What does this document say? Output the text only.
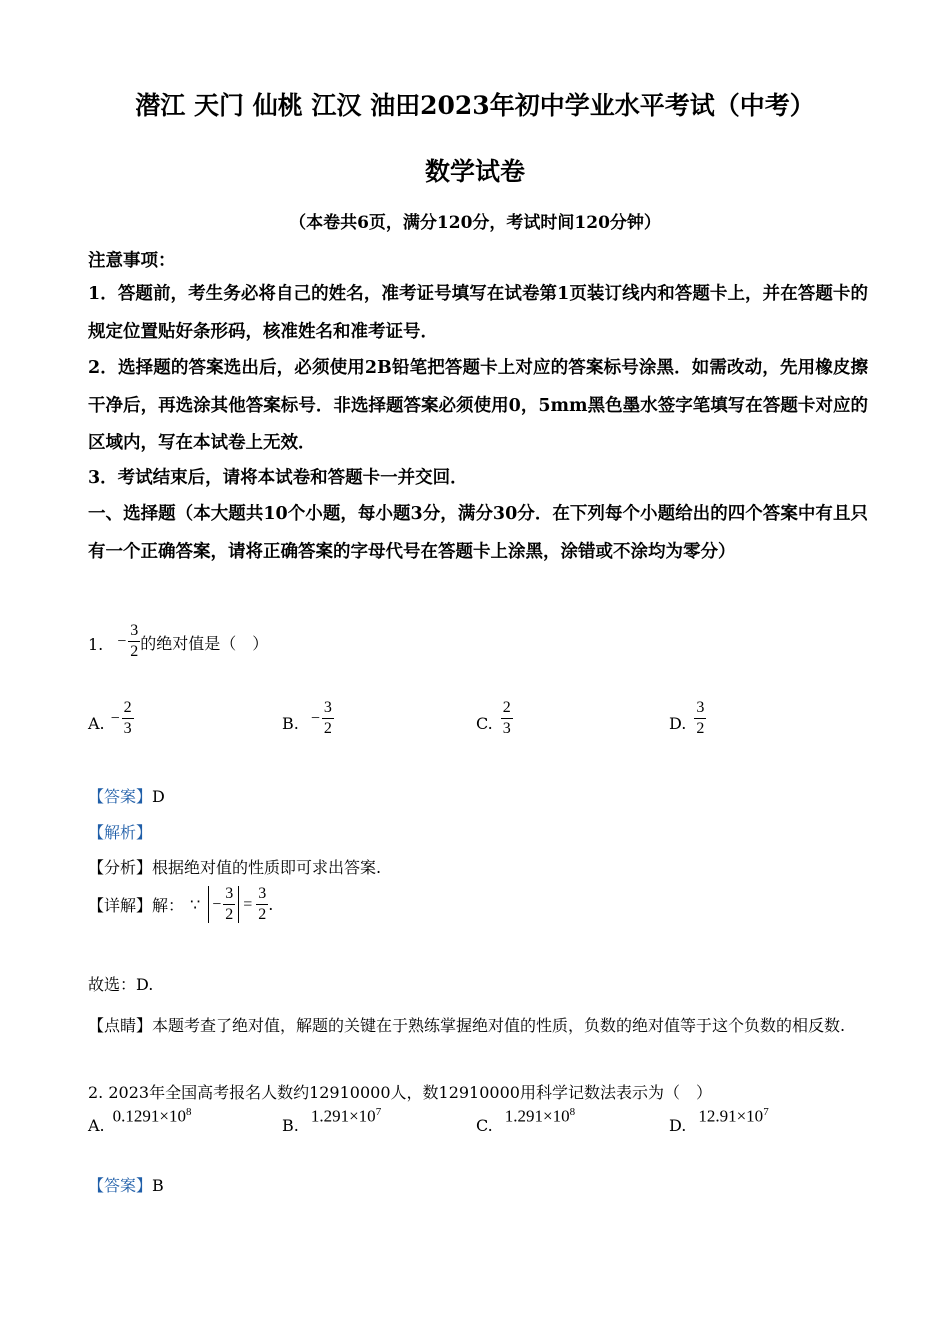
潜江 天门 仙桃 江汉 油田2023年初中学业水平考试（中考）
数学试卷
（本卷共6页，满分120分，考试时间120分钟）
注意事项：
1．答题前，考生务必将自己的姓名，准考证号填写在试卷第1页装订线内和答题卡上，并在答题卡的规定位置贴好条形码，核准姓名和准考证号．
2．选择题的答案选出后，必须使用2B铅笔把答题卡上对应的答案标号涂黑．如需改动，先用橡皮擦干净后，再选涂其他答案标号．非选择题答案必须使用0，5mm黑色墨水签字笔填写在答题卡对应的区域内，写在本试卷上无效．
3．考试结束后，请将本试卷和答题卡一并交回．
一、选择题（本大题共10个小题，每小题3分，满分30分．在下列每个小题给出的四个答案中有且只有一个正确答案，请将正确答案的字母代号在答题卡上涂黑，涂错或不涂均为零分）
1. − $\frac{3}{2}$ 的绝对值是（　）
A. − $\frac{2}{3}$	B. − $\frac{3}{2}$	C. $\frac{2}{3}$	D. $\frac{3}{2}$
【答案】D
【解析】
【分析】根据绝对值的性质即可求出答案.
【详解】 解： ∵ − $\frac{3}{2} = \frac{3}{2}$ .
故选：D.
【点睛】本题考查了绝对值，解题的关键在于熟练掌握绝对值的性质，负数的绝对值等于这个负数的相反数.
2. 2023年全国高考报名人数约12910000人，数12910000用科学记数法表示为（　）
A. $0.1291\times 10^8$
B. $1.291\times 10^7$
C. $1.291\times 10^8$
D. $12.91\times 10^7$
【答案】B
